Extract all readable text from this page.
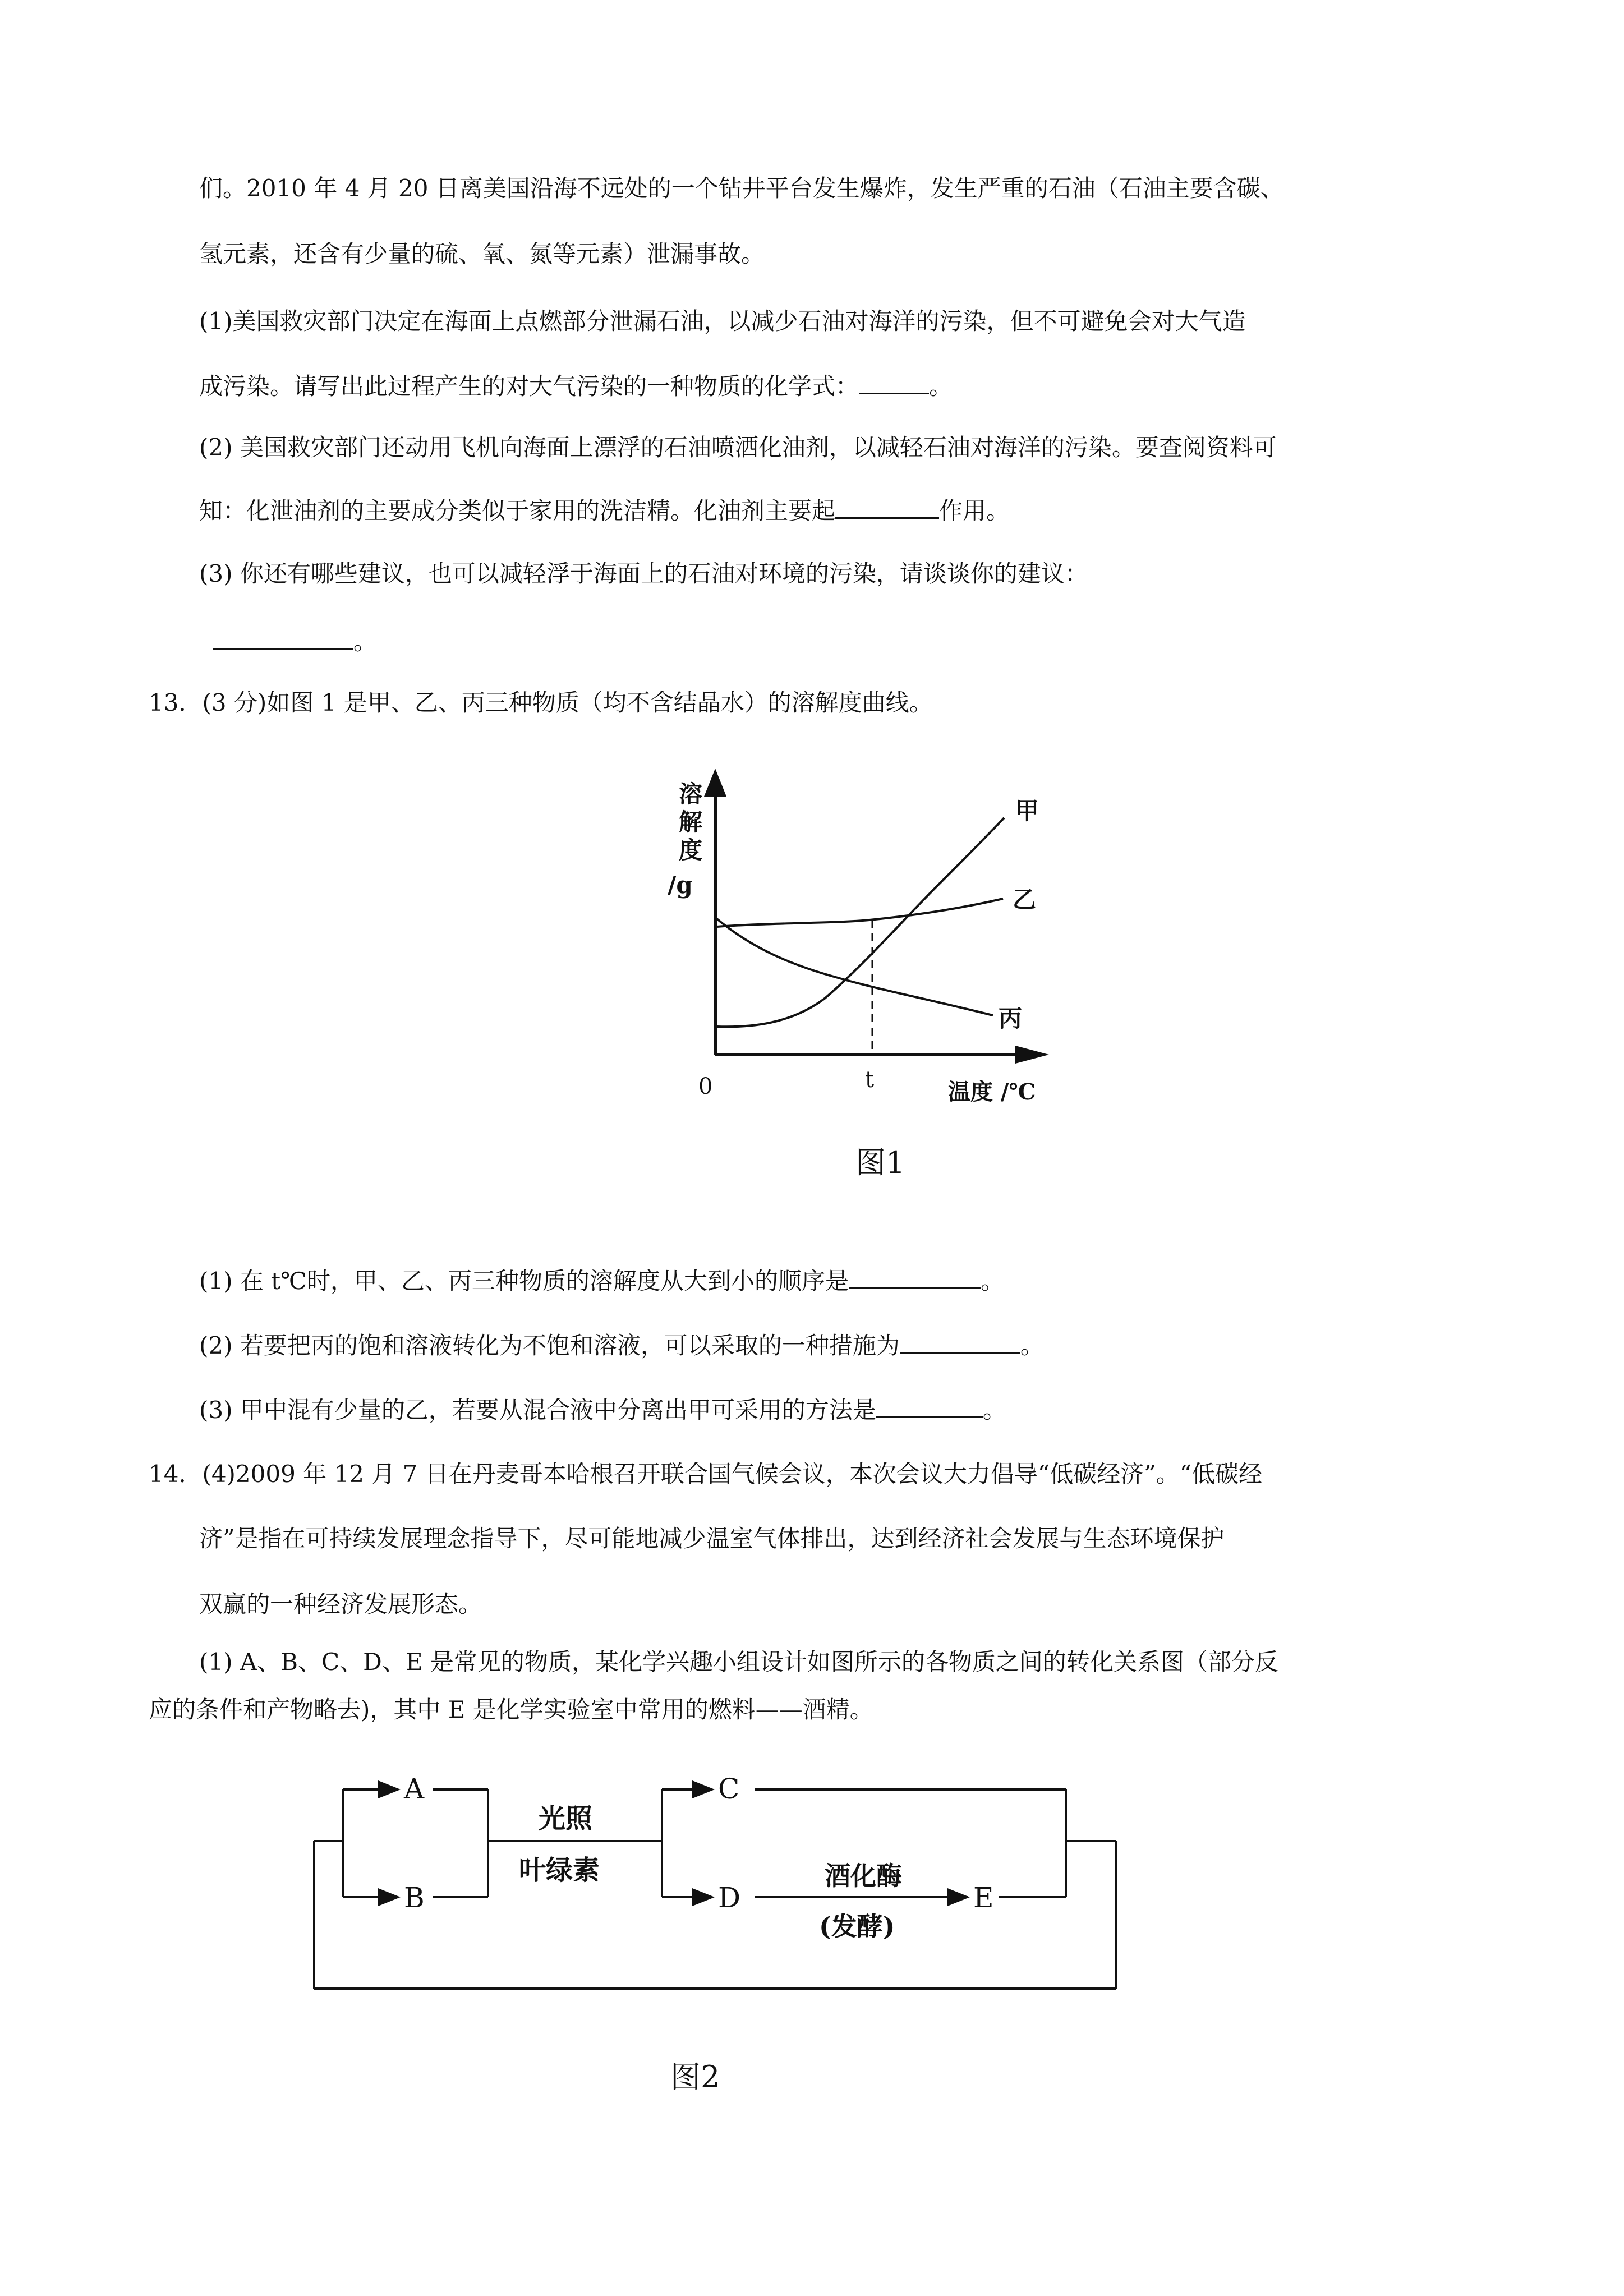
们。2010 年 4 月 20 日离美国沿海不远处的一个钻井平台发生爆炸，发生严重的石油（石油主要含碳、
氢元素，还含有少量的硫、氧、氮等元素）泄漏事故。
(1)美国救灾部门决定在海面上点燃部分泄漏石油，以减少石油对海洋的污染，但不可避免会对大气造
成污染。请写出此过程产生的对大气污染的一种物质的化学式：	。
(2) 美国救灾部门还动用飞机向海面上漂浮的石油喷洒化油剂，以减轻石油对海洋的污染。要查阅资料可
知：化泄油剂的主要成分类似于家用的洗洁精。化油剂主要起	作用。
(3) 你还有哪些建议，也可以减轻浮于海面上的石油对环境的污染，请谈谈你的建议：
。
13．(3 分)如图 1 是甲、乙、丙三种物质（均不含结晶水）的溶解度曲线。
溶
解
度
/g
甲
乙
丙
0	t	温度 /℃
图1
(1) 在 t℃时，甲、乙、丙三种物质的溶解度从大到小的顺序是	。
(2) 若要把丙的饱和溶液转化为不饱和溶液，可以采取的一种措施为	。
(3) 甲中混有少量的乙，若要从混合液中分离出甲可采用的方法是	。
14．(4)2009 年 12 月 7 日在丹麦哥本哈根召开联合国气候会议，本次会议大力倡导“低碳经济”。“低碳经
济”是指在可持续发展理念指导下，尽可能地减少温室气体排出，达到经济社会发展与生态环境保护
双赢的一种经济发展形态。
(1) A、B、C、D、E 是常见的物质，某化学兴趣小组设计如图所示的各物质之间的转化关系图（部分反
应的条件和产物略去)，其中 E 是化学实验室中常用的燃料——酒精。
A
B
C
D	E
光照
叶绿素	酒化酶
(发酵)
图2
